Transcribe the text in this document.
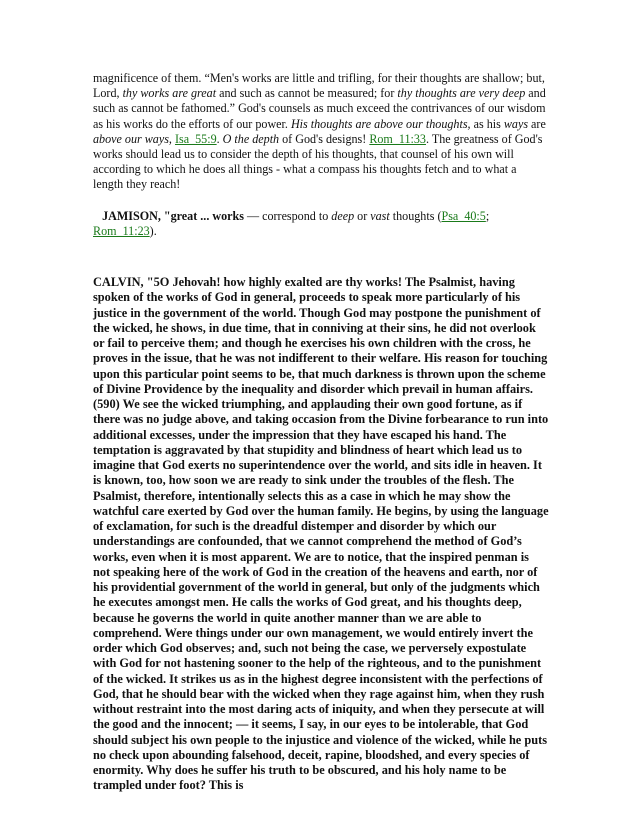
magnificence of them. “Men's works are little and trifling, for their thoughts are shallow; but, Lord, thy works are great and such as cannot be measured; for thy thoughts are very deep and such as cannot be fathomed.” God's counsels as much exceed the contrivances of our wisdom as his works do the efforts of our power. His thoughts are above our thoughts, as his ways are above our ways, Isa_55:9. O the depth of God's designs! Rom_11:33. The greatness of God's works should lead us to consider the depth of his thoughts, that counsel of his own will according to which he does all things - what a compass his thoughts fetch and to what a length they reach!

JAMISON, "great ... works — correspond to deep or vast thoughts (Psa_40:5; Rom_11:23).

CALVIN, "5O Jehovah! how highly exalted are thy works! The Psalmist, having spoken of the works of God in general, proceeds to speak more particularly of his justice in the government of the world. Though God may postpone the punishment of the wicked, he shows, in due time, that in conniving at their sins, he did not overlook or fail to perceive them; and though he exercises his own children with the cross, he proves in the issue, that he was not indifferent to their welfare. His reason for touching upon this particular point seems to be, that much darkness is thrown upon the scheme of Divine Providence by the inequality and disorder which prevail in human affairs. (590) We see the wicked triumphing, and applauding their own good fortune, as if there was no judge above, and taking occasion from the Divine forbearance to run into additional excesses, under the impression that they have escaped his hand. The temptation is aggravated by that stupidity and blindness of heart which lead us to imagine that God exerts no superintendence over the world, and sits idle in heaven. It is known, too, how soon we are ready to sink under the troubles of the flesh. The Psalmist, therefore, intentionally selects this as a case in which he may show the watchful care exerted by God over the human family. He begins, by using the language of exclamation, for such is the dreadful distemper and disorder by which our understandings are confounded, that we cannot comprehend the method of God’s works, even when it is most apparent. We are to notice, that the inspired penman is not speaking here of the work of God in the creation of the heavens and earth, nor of his providential government of the world in general, but only of the judgments which he executes amongst men. He calls the works of God great, and his thoughts deep, because he governs the world in quite another manner than we are able to comprehend. Were things under our own management, we would entirely invert the order which God observes; and, such not being the case, we perversely expostulate with God for not hastening sooner to the help of the righteous, and to the punishment of the wicked. It strikes us as in the highest degree inconsistent with the perfections of God, that he should bear with the wicked when they rage against him, when they rush without restraint into the most daring acts of iniquity, and when they persecute at will the good and the innocent; — it seems, I say, in our eyes to be intolerable, that God should subject his own people to the injustice and violence of the wicked, while he puts no check upon abounding falsehood, deceit, rapine, bloodshed, and every species of enormity. Why does he suffer his truth to be obscured, and his holy name to be trampled under foot? This is
